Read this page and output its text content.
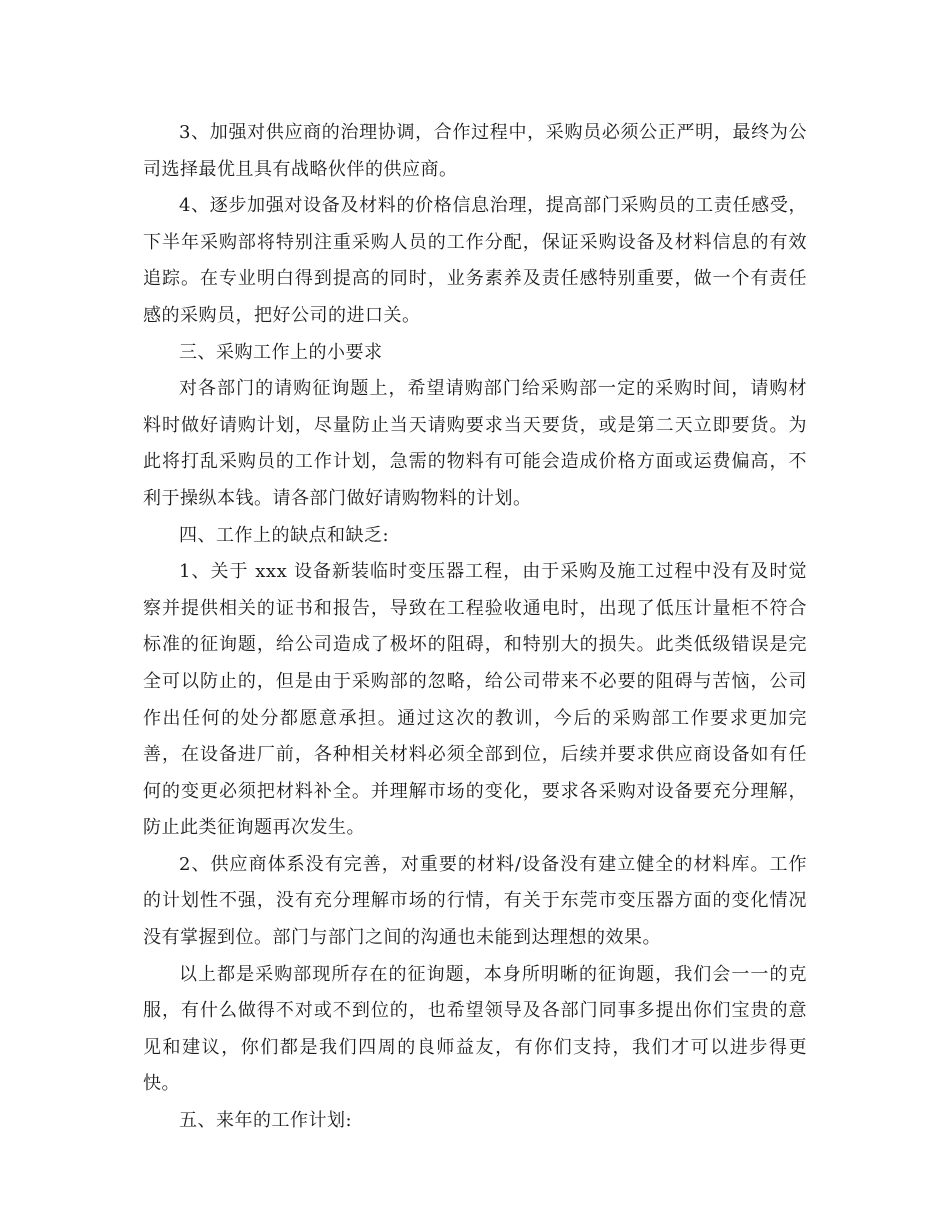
3、加强对供应商的治理协调，合作过程中，采购员必须公正严明，最终为公司选择最优且具有战略伙伴的供应商。

4、逐步加强对设备及材料的价格信息治理，提高部门采购员的工责任感受，下半年采购部将特别注重采购人员的工作分配，保证采购设备及材料信息的有效追踪。在专业明白得到提高的同时，业务素养及责任感特别重要，做一个有责任感的采购员，把好公司的进口关。

三、采购工作上的小要求

对各部门的请购征询题上，希望请购部门给采购部一定的采购时间，请购材料时做好请购计划，尽量防止当天请购要求当天要货，或是第二天立即要货。为此将打乱采购员的工作计划，急需的物料有可能会造成价格方面或运费偏高，不利于操纵本钱。请各部门做好请购物料的计划。

四、工作上的缺点和缺乏:

1、关于 xxx 设备新装临时变压器工程，由于采购及施工过程中没有及时觉察并提供相关的证书和报告，导致在工程验收通电时，出现了低压计量柜不符合标准的征询题，给公司造成了极坏的阻碍，和特别大的损失。此类低级错误是完全可以防止的，但是由于采购部的忽略，给公司带来不必要的阻碍与苦恼，公司作出任何的处分都愿意承担。通过这次的教训，今后的采购部工作要求更加完善，在设备进厂前，各种相关材料必须全部到位，后续并要求供应商设备如有任何的变更必须把材料补全。并理解市场的变化，要求各采购对设备要充分理解，防止此类征询题再次发生。

2、供应商体系没有完善，对重要的材料/设备没有建立健全的材料库。工作的计划性不强，没有充分理解市场的行情，有关于东莞市变压器方面的变化情况没有掌握到位。部门与部门之间的沟通也未能到达理想的效果。

以上都是采购部现所存在的征询题，本身所明晰的征询题，我们会一一的克服，有什么做得不对或不到位的，也希望领导及各部门同事多提出你们宝贵的意见和建议，你们都是我们四周的良师益友，有你们支持，我们才可以进步得更快。

五、来年的工作计划:
